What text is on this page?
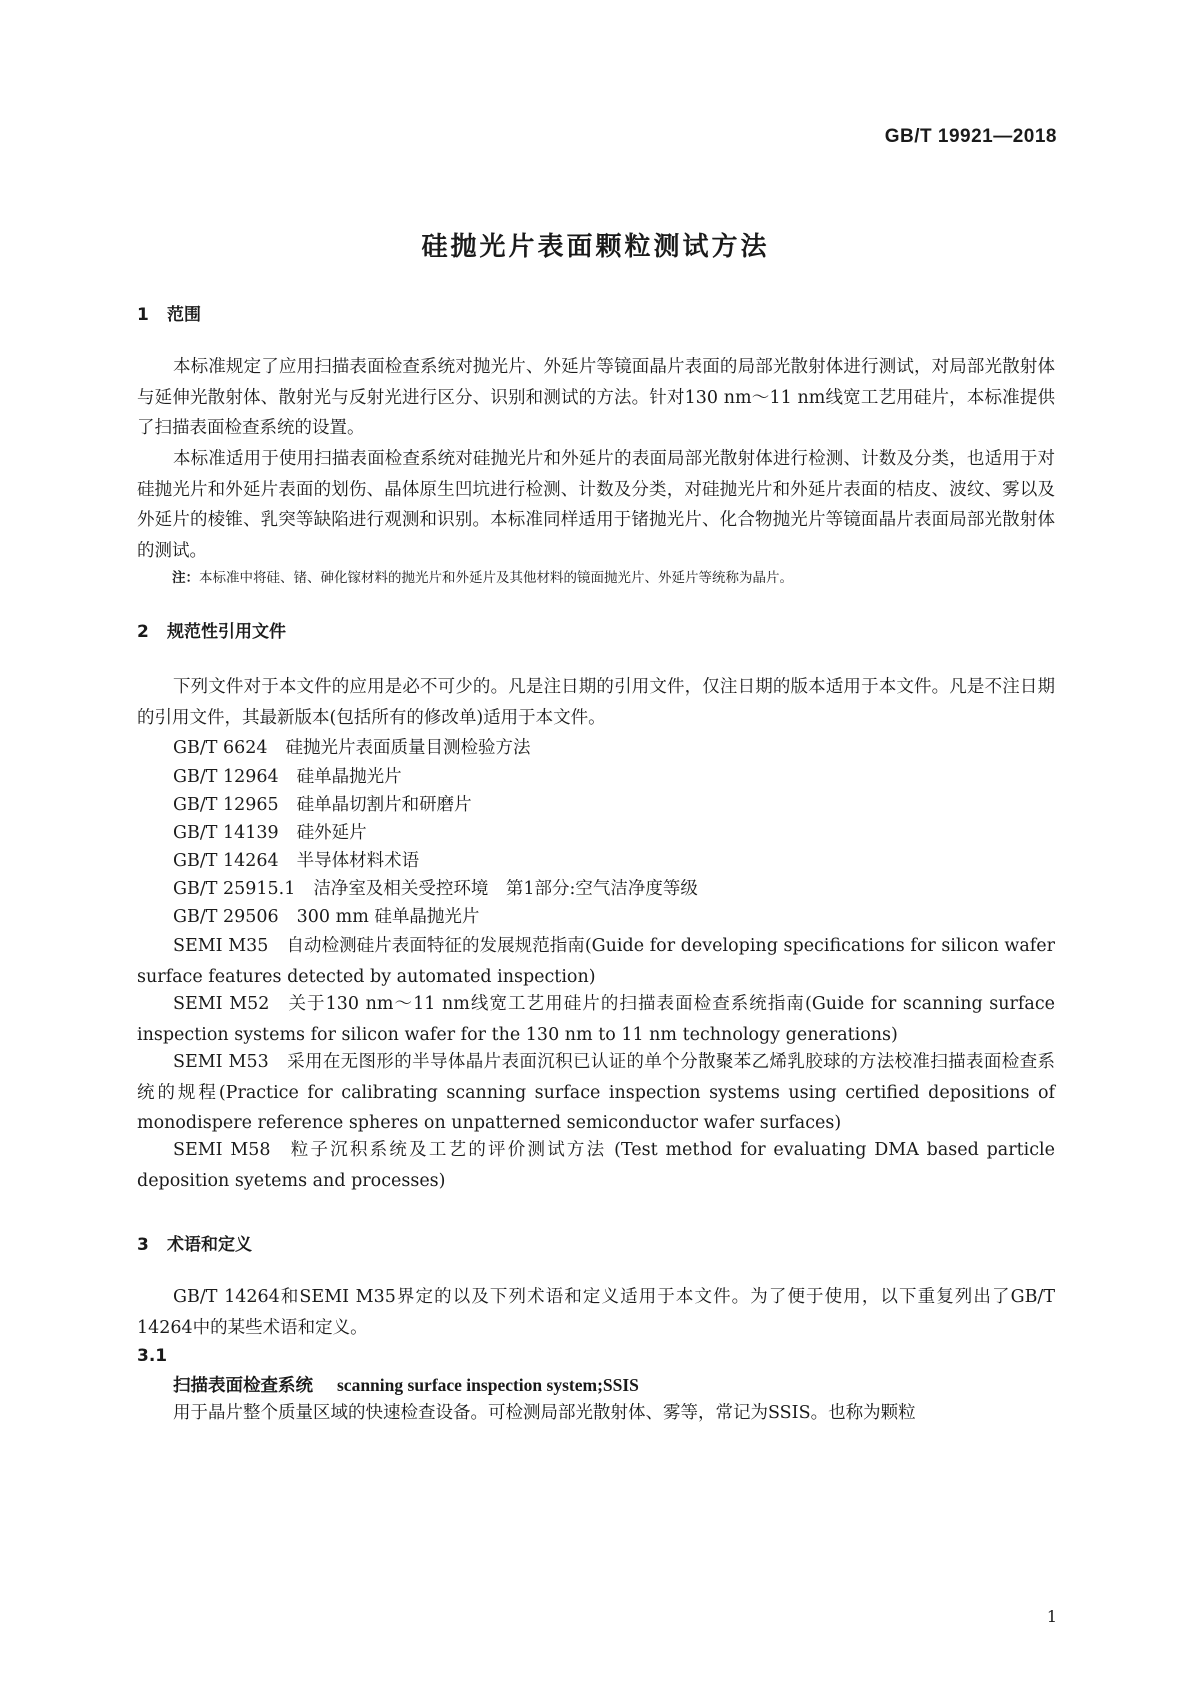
GB/T 19921—2018
硅抛光片表面颗粒测试方法
1 范围
本标准规定了应用扫描表面检查系统对抛光片、外延片等镜面晶片表面的局部光散射体进行测试，对局部光散射体与延伸光散射体、散射光与反射光进行区分、识别和测试的方法。针对130 nm～11 nm线宽工艺用硅片，本标准提供了扫描表面检查系统的设置。
本标准适用于使用扫描表面检查系统对硅抛光片和外延片的表面局部光散射体进行检测、计数及分类，也适用于对硅抛光片和外延片表面的划伤、晶体原生凹坑进行检测、计数及分类，对硅抛光片和外延片表面的桔皮、波纹、雾以及外延片的棱锥、乳突等缺陷进行观测和识别。本标准同样适用于锗抛光片、化合物抛光片等镜面晶片表面局部光散射体的测试。
注：本标准中将硅、锗、砷化镓材料的抛光片和外延片及其他材料的镜面抛光片、外延片等统称为晶片。
2 规范性引用文件
下列文件对于本文件的应用是必不可少的。凡是注日期的引用文件，仅注日期的版本适用于本文件。凡是不注日期的引用文件，其最新版本(包括所有的修改单)适用于本文件。
GB/T 6624 硅抛光片表面质量目测检验方法
GB/T 12964 硅单晶抛光片
GB/T 12965 硅单晶切割片和研磨片
GB/T 14139 硅外延片
GB/T 14264 半导体材料术语
GB/T 25915.1 洁净室及相关受控环境　第1部分:空气洁净度等级
GB/T 29506 300 mm 硅单晶抛光片
SEMI M35 自动检测硅片表面特征的发展规范指南(Guide for developing specifications for silicon wafer surface features detected by automated inspection)
SEMI M52 关于130 nm～11 nm线宽工艺用硅片的扫描表面检查系统指南(Guide for scanning surface inspection systems for silicon wafer for the 130 nm to 11 nm technology generations)
SEMI M53 采用在无图形的半导体晶片表面沉积已认证的单个分散聚苯乙烯乳胶球的方法校准扫描表面检查系统的规程(Practice for calibrating scanning surface inspection systems using certified depositions of monodispere reference spheres on unpatterned semiconductor wafer surfaces)
SEMI M58 粒子沉积系统及工艺的评价测试方法 (Test method for evaluating DMA based particle deposition syetems and processes)
3 术语和定义
GB/T 14264和SEMI M35界定的以及下列术语和定义适用于本文件。为了便于使用，以下重复列出了GB/T 14264中的某些术语和定义。
3.1
扫描表面检查系统 scanning surface inspection system;SSIS
用于晶片整个质量区域的快速检查设备。可检测局部光散射体、雾等，常记为SSIS。也称为颗粒
1
